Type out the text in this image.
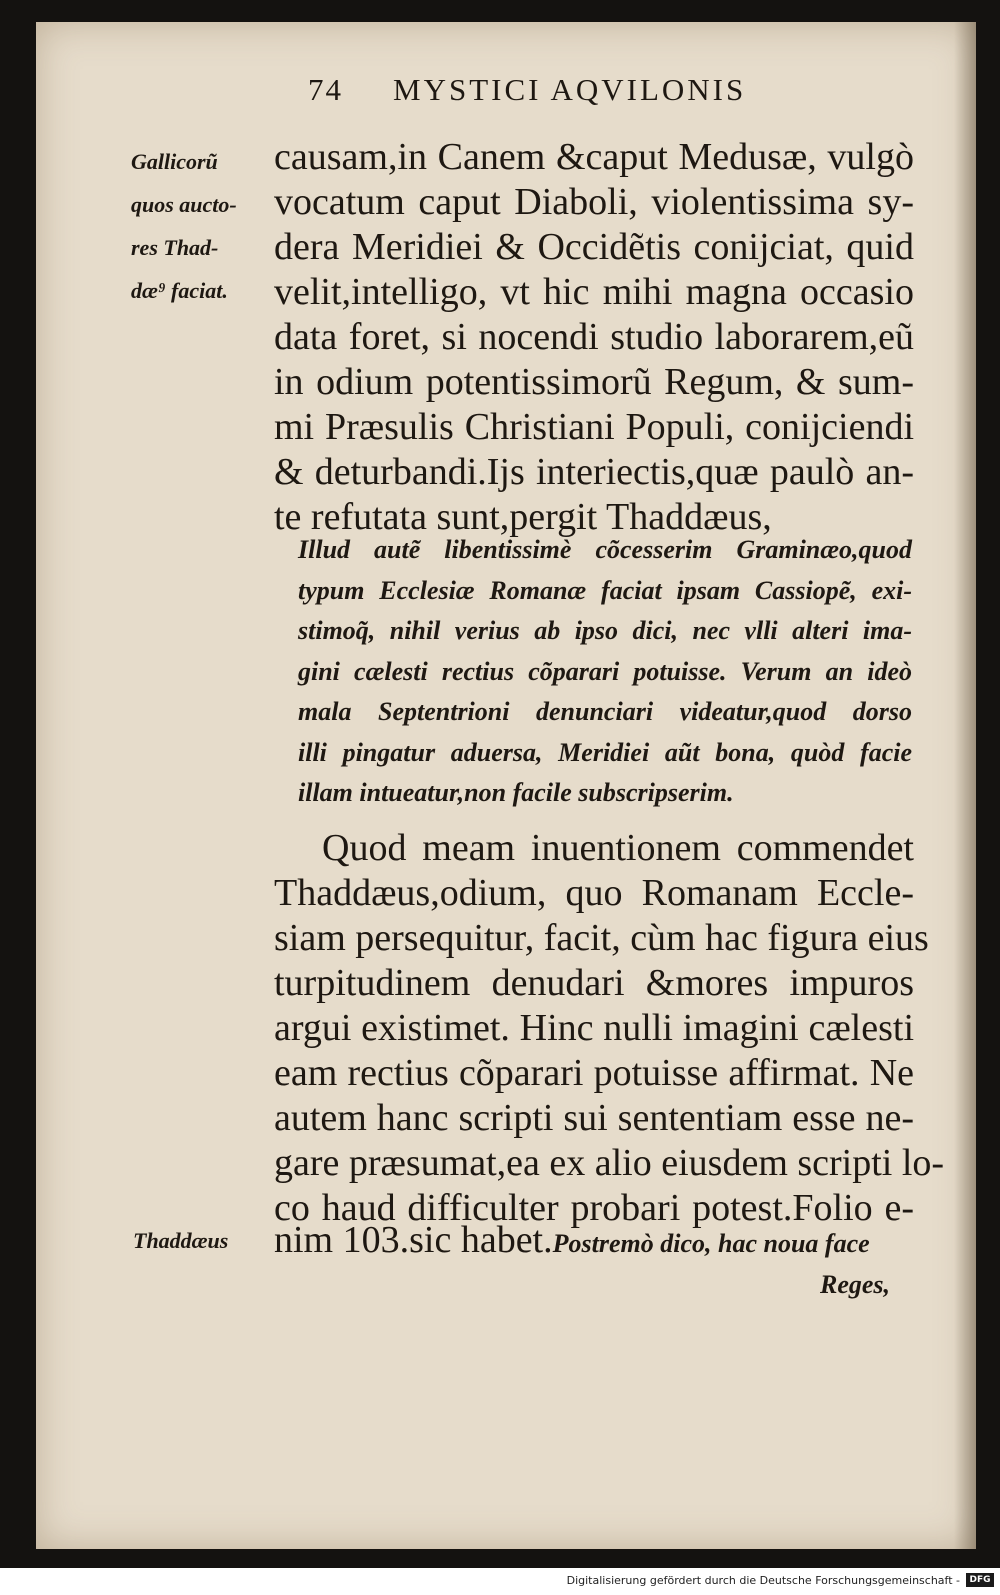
74 MYSTICI AQVILONIS
Gallicorũ
quos aucto-
res Thad-
dæ⁹ faciat.
causam,in Canem &caput Medusæ, vulgò
vocatum caput Diaboli, violentissima sy-
dera Meridiei & Occidẽtis conijciat, quid
velit,intelligo, vt hic mihi magna occasio
data foret, si nocendi studio laborarem,eũ
in odium potentissimorũ Regum, & sum-
mi Præsulis Christiani Populi, conijciendi
& deturbandi.Ijs interiectis,quæ paulò an-
te refutata sunt,pergit Thaddæus,
Illud autẽ libentissimè cõcesserim Graminæo,quod
typum Ecclesiæ Romanæ faciat ipsam Cassiopẽ, exi-
stimoq̃, nihil verius ab ipso dici, nec vlli alteri ima-
gini cælesti rectius cõparari potuisse. Verum an ideò
mala Septentrioni denunciari videatur,quod dorso
illi pingatur aduersa, Meridiei aũt bona, quòd facie
illam intueatur,non facile subscripserim.
Quod meam inuentionem commendet
Thaddæus,odium, quo Romanam Eccle-
siam persequitur, facit, cùm hac figura eius
turpitudinem denudari &mores impuros
argui existimet. Hinc nulli imagini cælesti
eam rectius cõparari potuisse affirmat. Ne
autem hanc scripti sui sententiam esse ne-
gare præsumat,ea ex alio eiusdem scripti lo-
co haud difficulter probari potest.Folio e-
Thaddæus nim 103.sic habet.Postremò dico, hac noua face
Reges,
Digitalisierung gefördert durch die Deutsche Forschungsgemeinschaft -	DFG
